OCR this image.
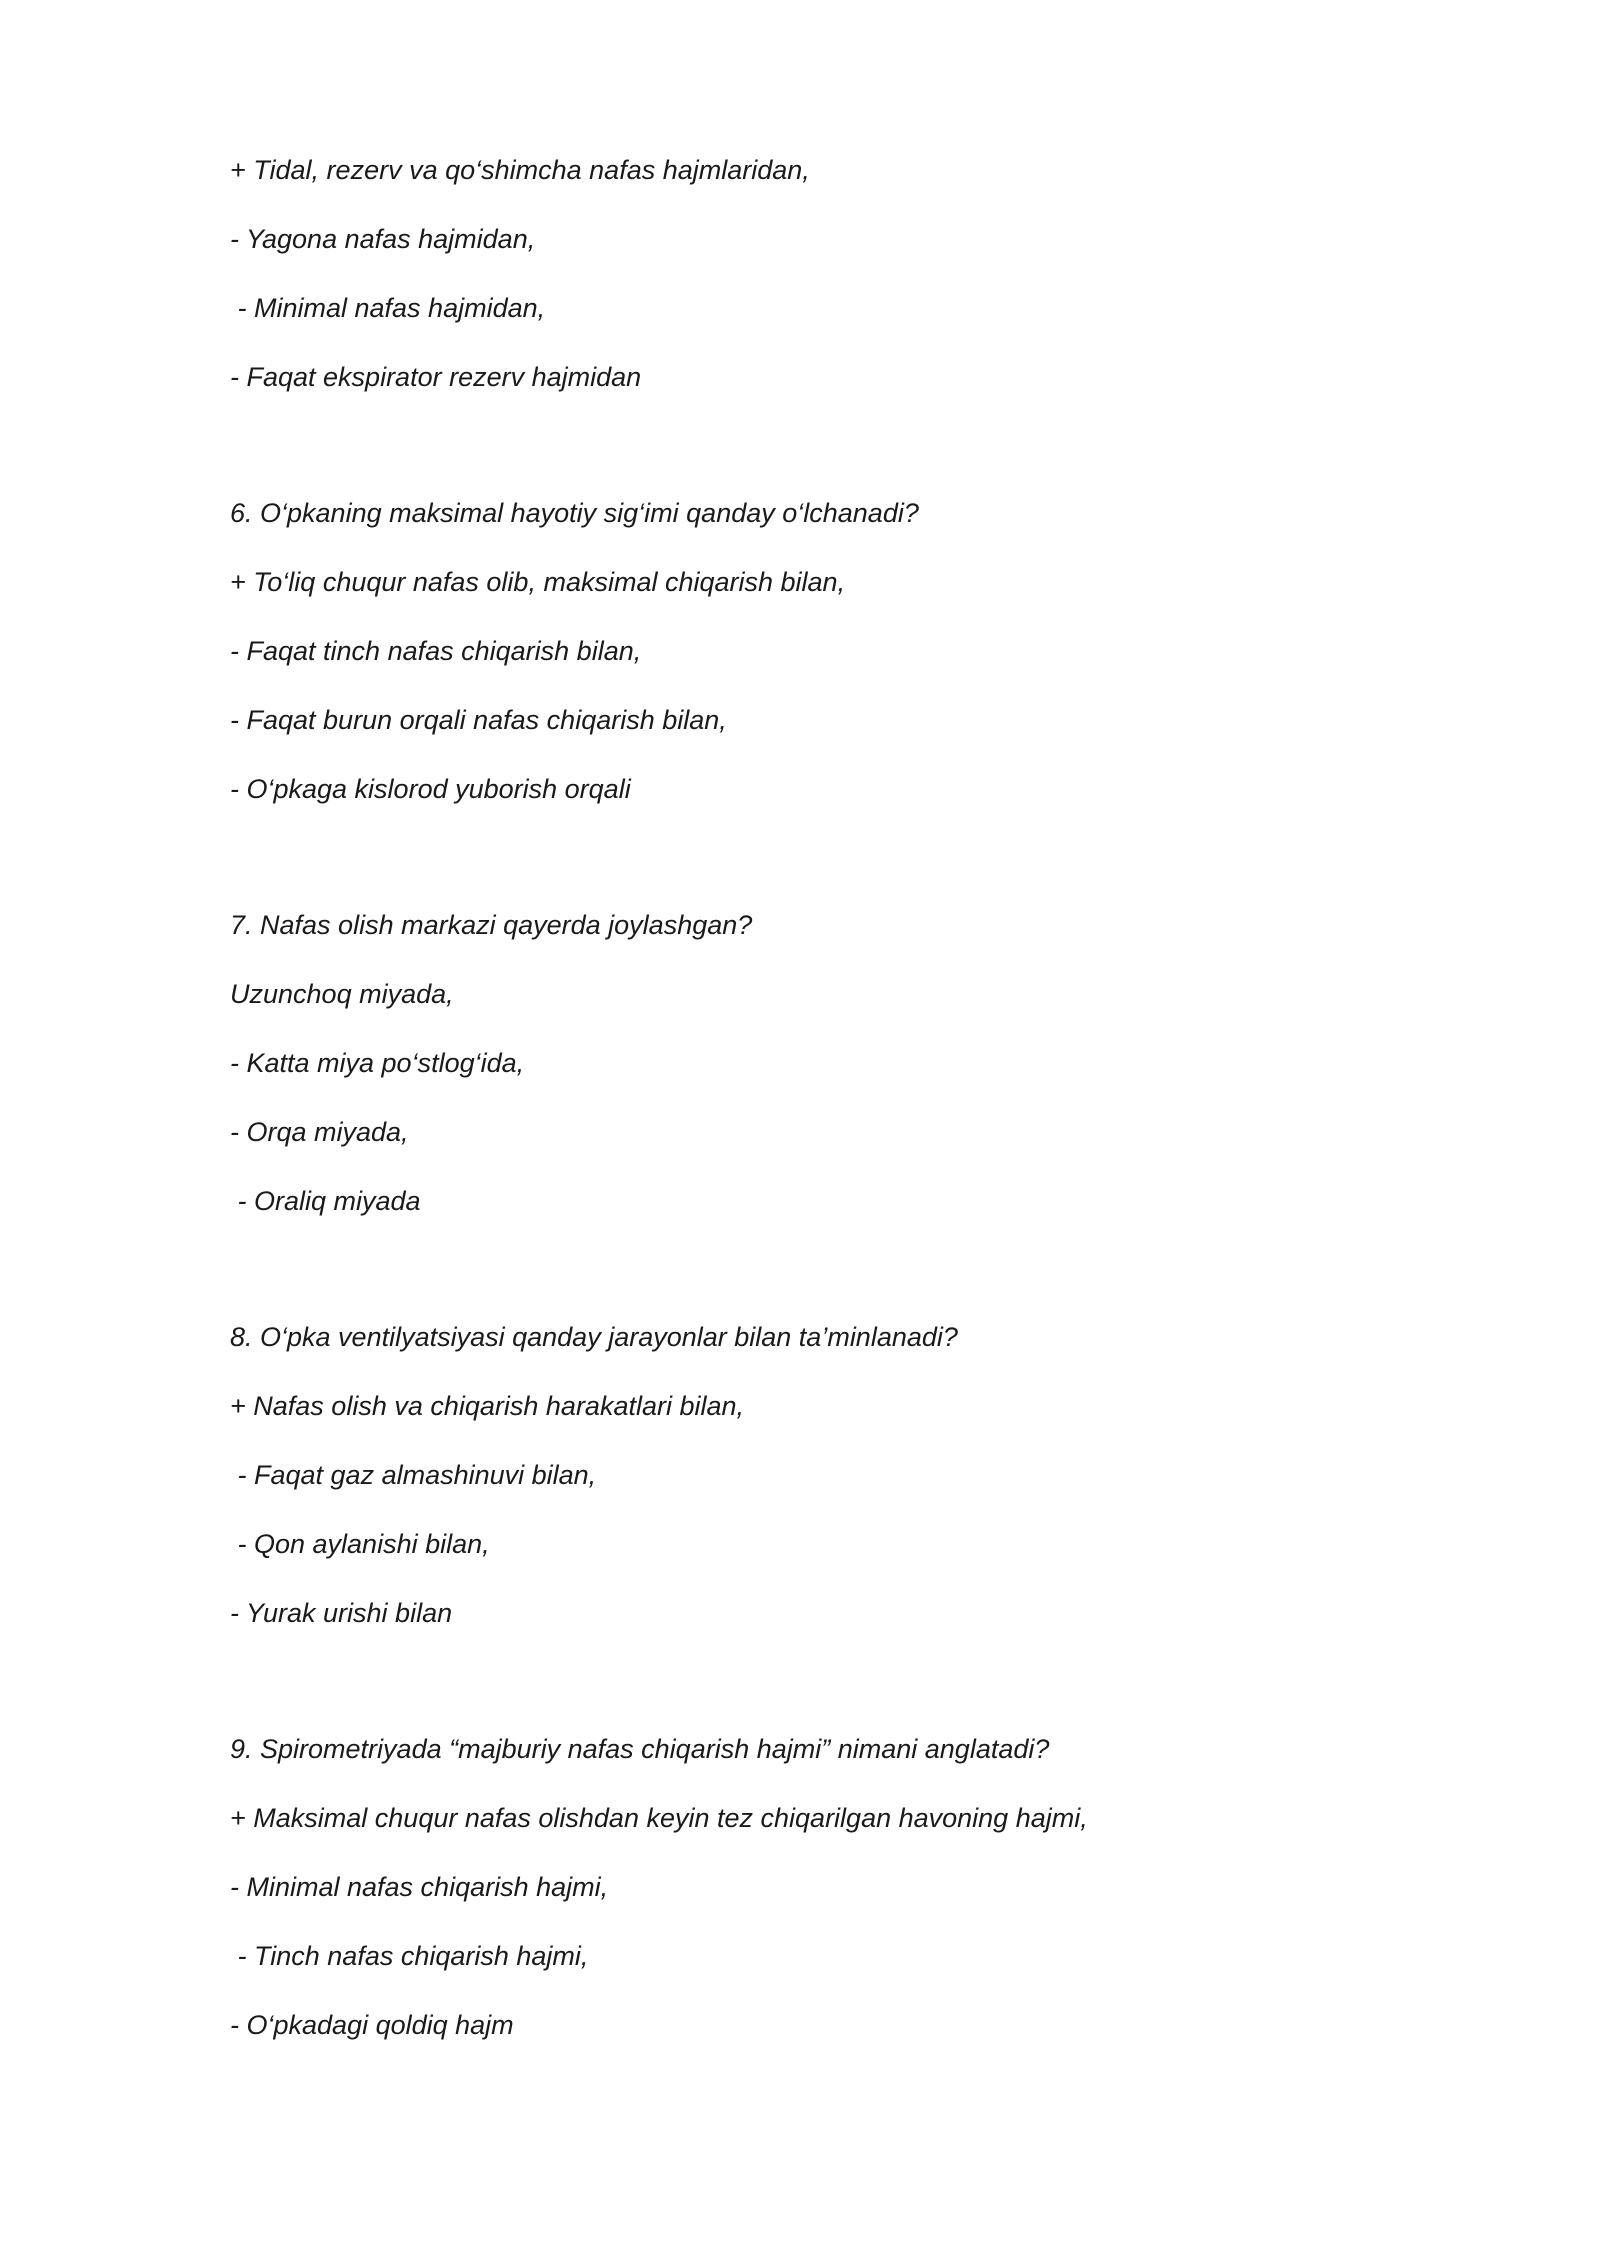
+ Tidal, rezerv va qo‘shimcha nafas hajmlaridan,
- Yagona nafas hajmidan,
- Minimal nafas hajmidan,
- Faqat ekspirator rezerv hajmidan
6. O‘pkaning maksimal hayotiy sig‘imi qanday o‘lchanadi?
+ To‘liq chuqur nafas olib, maksimal chiqarish bilan,
- Faqat tinch nafas chiqarish bilan,
- Faqat burun orqali nafas chiqarish bilan,
- O‘pkaga kislorod yuborish orqali
7. Nafas olish markazi qayerda joylashgan?
Uzunchoq miyada,
- Katta miya po‘stlog‘ida,
- Orqa miyada,
- Oraliq miyada
8. O‘pka ventilyatsiyasi qanday jarayonlar bilan ta’minlanadi?
+ Nafas olish va chiqarish harakatlari bilan,
- Faqat gaz almashinuvi bilan,
- Qon aylanishi bilan,
- Yurak urishi bilan
9. Spirometriyada “majburiy nafas chiqarish hajmi” nimani anglatadi?
+ Maksimal chuqur nafas olishdan keyin tez chiqarilgan havoning hajmi,
- Minimal nafas chiqarish hajmi,
- Tinch nafas chiqarish hajmi,
- O‘pkadagi qoldiq hajm
